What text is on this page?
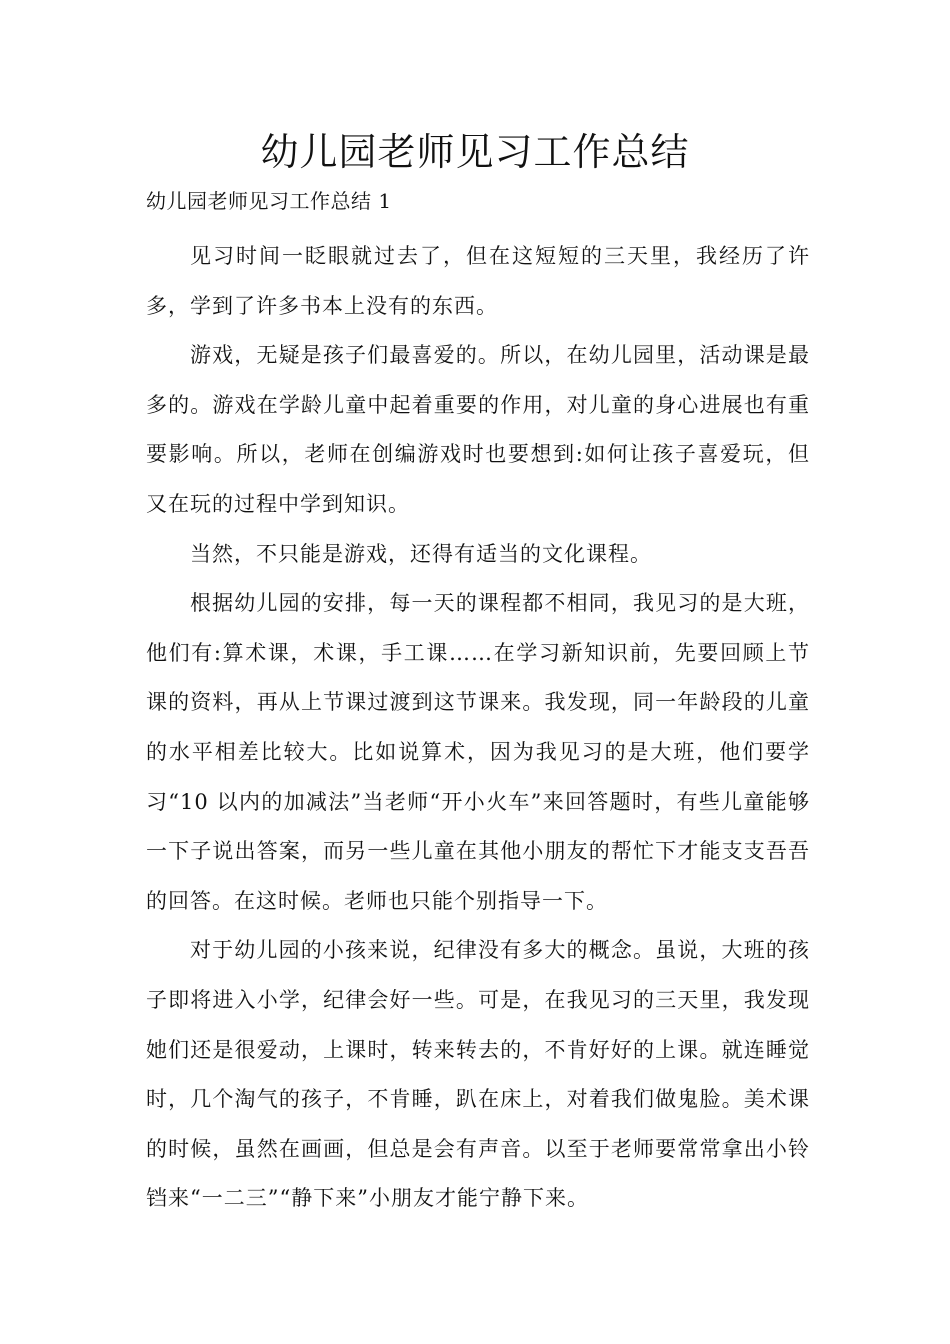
幼儿园老师见习工作总结

幼儿园老师见习工作总结 1

见习时间一眨眼就过去了，但在这短短的三天里，我经历了许多，学到了许多书本上没有的东西。

游戏，无疑是孩子们最喜爱的。所以，在幼儿园里，活动课是最多的。游戏在学龄儿童中起着重要的作用，对儿童的身心进展也有重要影响。所以，老师在创编游戏时也要想到:如何让孩子喜爱玩，但又在玩的过程中学到知识。

当然，不只能是游戏，还得有适当的文化课程。

根据幼儿园的安排，每一天的课程都不相同，我见习的是大班，他们有:算术课，术课，手工课……在学习新知识前，先要回顾上节课的资料，再从上节课过渡到这节课来。我发现，同一年龄段的儿童的水平相差比较大。比如说算术，因为我见习的是大班，他们要学习“10 以内的加减法”当老师“开小火车”来回答题时，有些儿童能够一下子说出答案，而另一些儿童在其他小朋友的帮忙下才能支支吾吾的回答。在这时候。老师也只能个别指导一下。

对于幼儿园的小孩来说，纪律没有多大的概念。虽说，大班的孩子即将进入小学，纪律会好一些。可是，在我见习的三天里，我发现她们还是很爱动，上课时，转来转去的，不肯好好的上课。就连睡觉时，几个淘气的孩子，不肯睡，趴在床上，对着我们做鬼脸。美术课的时候，虽然在画画，但总是会有声音。以至于老师要常常拿出小铃铛来“一二三”“静下来”小朋友才能宁静下来。
